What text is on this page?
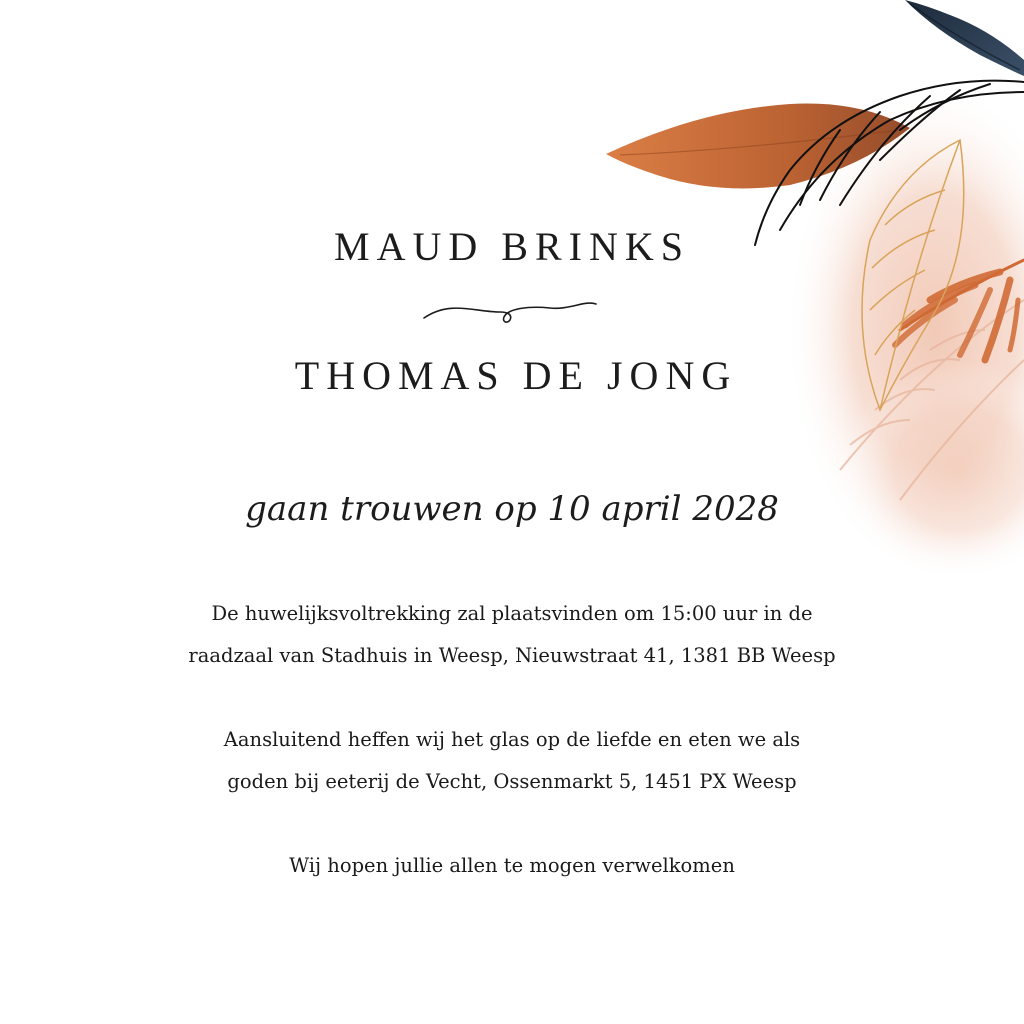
MAUD BRINKS
THOMAS DE JONG
gaan trouwen op 10 april 2028
De huwelijksvoltrekking zal plaatsvinden om 15:00 uur in de
raadzaal van Stadhuis in Weesp, Nieuwstraat 41, 1381 BB Weesp
Aansluitend heffen wij het glas op de liefde en eten we als
goden bij eeterij de Vecht, Ossenmarkt 5, 1451 PX Weesp
Wij hopen jullie allen te mogen verwelkomen
